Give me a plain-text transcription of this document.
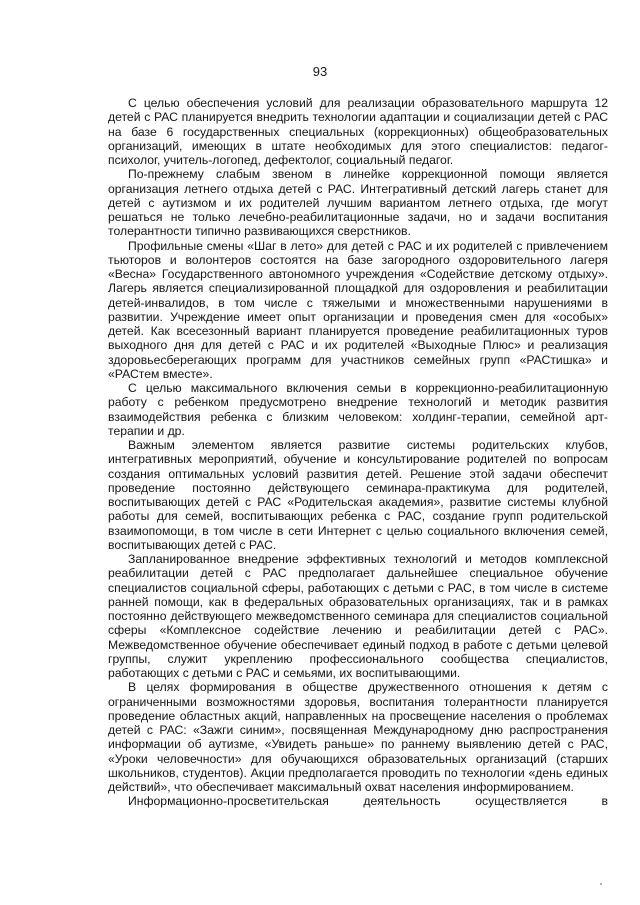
93

С целью обеспечения условий для реализации образовательного маршрута 12 детей с РАС планируется внедрить технологии адаптации и социализации детей с РАС на базе 6 государственных специальных (коррекционных) общеобразовательных организаций, имеющих в штате необходимых для этого специалистов: педагог-психолог, учитель-логопед, дефектолог, социальный педагог.

По-прежнему слабым звеном в линейке коррекционной помощи является организация летнего отдыха детей с РАС. Интегративный детский лагерь станет для детей с аутизмом и их родителей лучшим вариантом летнего отдыха, где могут решаться не только лечебно-реабилитационные задачи, но и задачи воспитания толерантности типично развивающихся сверстников.

Профильные смены «Шаг в лето» для детей с РАС и их родителей с привлечением тьюторов и волонтеров состоятся на базе загородного оздоровительного лагеря «Весна» Государственного автономного учреждения «Содействие детскому отдыху». Лагерь является специализированной площадкой для оздоровления и реабилитации детей-инвалидов, в том числе с тяжелыми и множественными нарушениями в развитии. Учреждение имеет опыт организации и проведения смен для «особых» детей. Как всесезонный вариант планируется проведение реабилитационных туров выходного дня для детей с РАС и их родителей «Выходные Плюс» и реализация здоровьесберегающих программ для участников семейных групп «РАСтишка» и «РАСтем вместе».

С целью максимального включения семьи в коррекционно-реабилитационную работу с ребенком предусмотрено внедрение технологий и методик развития взаимодействия ребенка с близким человеком: холдинг-терапии, семейной арт-терапии и др.

Важным элементом является развитие системы родительских клубов, интегративных мероприятий, обучение и консультирование родителей по вопросам создания оптимальных условий развития детей. Решение этой задачи обеспечит проведение постоянно действующего семинара-практикума для родителей, воспитывающих детей с РАС «Родительская академия», развитие системы клубной работы для семей, воспитывающих ребенка с РАС, создание групп родительской взаимопомощи, в том числе в сети Интернет с целью социального включения семей, воспитывающих детей с РАС.

Запланированное внедрение эффективных технологий и методов комплексной реабилитации детей с РАС предполагает дальнейшее специальное обучение специалистов социальной сферы, работающих с детьми с РАС, в том числе в системе ранней помощи, как в федеральных образовательных организациях, так и в рамках постоянно действующего межведомственного семинара для специалистов социальной сферы «Комплексное содействие лечению и реабилитации детей с РАС». Межведомственное обучение обеспечивает единый подход в работе с детьми целевой группы, служит укреплению профессионального сообщества специалистов, работающих с детьми с РАС и семьями, их воспитывающими.

В целях формирования в обществе дружественного отношения к детям с ограниченными возможностями здоровья, воспитания толерантности планируется проведение областных акций, направленных на просвещение населения о проблемах детей с РАС: «Зажги синим», посвященная Международному дню распространения информации об аутизме, «Увидеть раньше» по раннему выявлению детей с РАС, «Уроки человечности» для обучающихся образовательных организаций (старших школьников, студентов). Акции предполагается проводить по технологии «день единых действий», что обеспечивает максимальный охват населения информированием.

Информационно-просветительская деятельность осуществляется в
